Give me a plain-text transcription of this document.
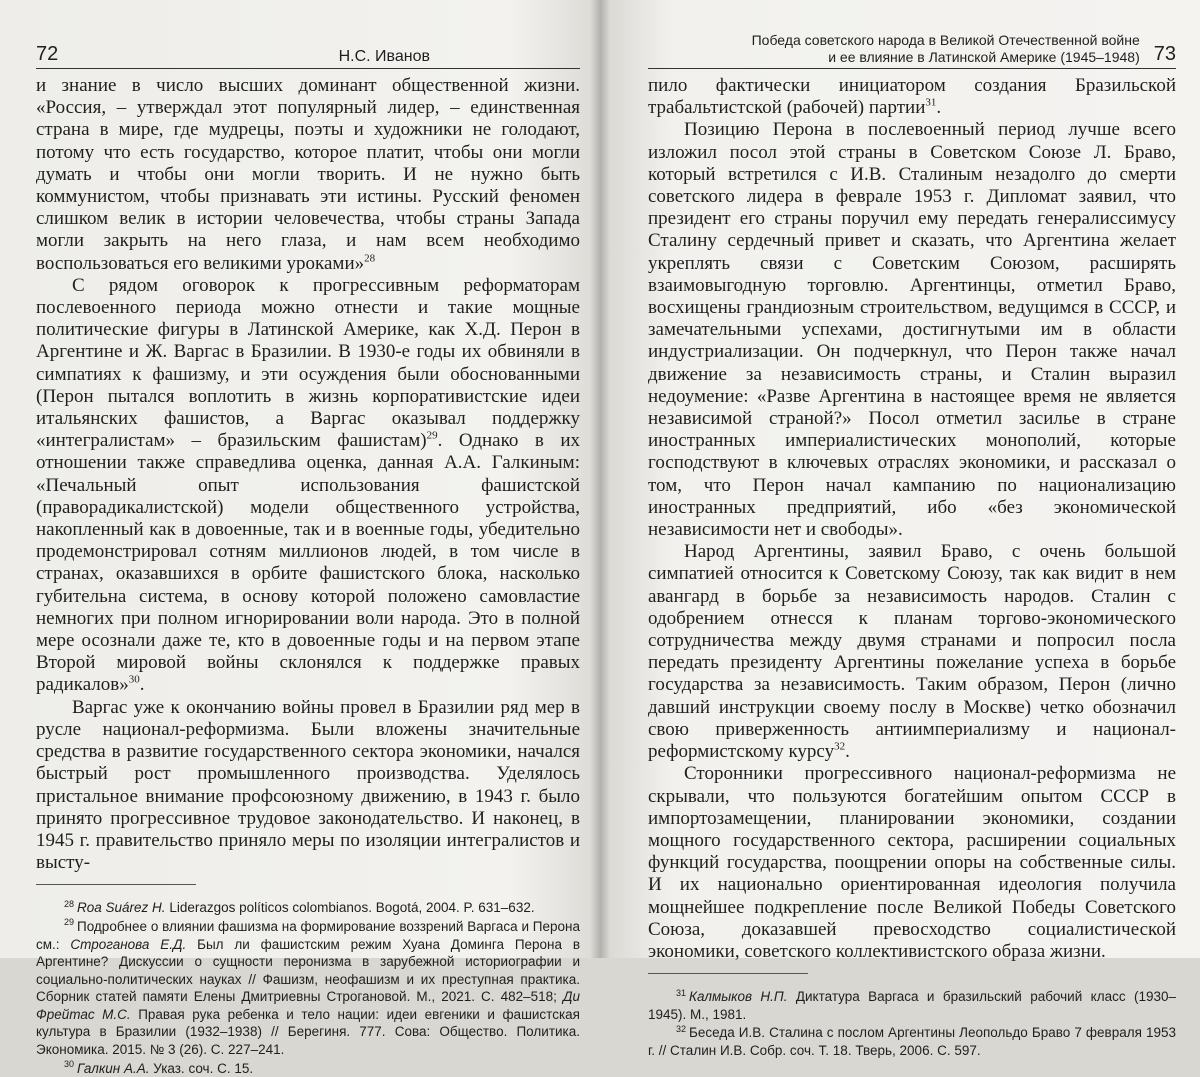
72	Н.С. Иванов

и знание в число высших доминант общественной жизни. «Россия, – утверждал этот популярный лидер, – единственная страна в мире, где мудрецы, поэты и художники не голодают, потому что есть государство, которое платит, чтобы они могли думать и чтобы они могли творить. И не нужно быть коммунистом, чтобы признавать эти истины. Русский феномен слишком велик в истории человечества, чтобы страны Запада могли закрыть на него глаза, и нам всем необходимо воспользоваться его великими уроками»$^{28}$

С рядом оговорок к прогрессивным реформаторам послевоенного периода можно отнести и такие мощные политические фигуры в Латинской Америке, как Х.Д. Перон в Аргентине и Ж. Варгас в Бразилии. В 1930-е годы их обвиняли в симпатиях к фашизму, и эти осуждения были обоснованными (Перон пытался воплотить в жизнь корпоративистские идеи итальянских фашистов, а Варгас оказывал поддержку «интегралистам» – бразильским фашистам)$^{29}$. Однако в их отношении также справедлива оценка, данная А.А. Галкиным: «Печальный опыт использования фашистской (праворадикалистской) модели общественного устройства, накопленный как в довоенные, так и в военные годы, убедительно продемонстрировал сотням миллионов людей, в том числе в странах, оказавшихся в орбите фашистского блока, насколько губительна система, в основу которой положено самовластие немногих при полном игнорировании воли народа. Это в полной мере осознали даже те, кто в довоенные годы и на первом этапе Второй мировой войны склонялся к поддержке правых радикалов»$^{30}$.

Варгас уже к окончанию войны провел в Бразилии ряд мер в русле национал-реформизма. Были вложены значительные средства в развитие государственного сектора экономики, начался быстрый рост промышленного производства. Уделялось пристальное внимание профсоюзному движению, в 1943 г. было принято прогрессивное трудовое законодательство. И наконец, в 1945 г. правительство приняло меры по изоляции интегралистов и высту-

$^{28}$ Roa Suárez H. Liderazgos políticos colombianos. Bogotá, 2004. P. 631–632.

$^{29}$ Подробнее о влиянии фашизма на формирование воззрений Варгаса и Перона см.: Строганова Е.Д. Был ли фашистским режим Хуана Доминга Перона в Аргентине? Дискуссии о сущности перонизма в зарубежной историографии и социально-политических науках // Фашизм, неофашизм и их преступная практика. Сборник статей памяти Елены Дмитриевны Строгановой. М., 2021. С. 482–518; Ди Фрейтас М.С. Правая рука ребенка и тело нации: идеи евгеники и фашистская культура в Бразилии (1932–1938) // Берегиня. 777. Сова: Общество. Политика. Экономика. 2015. № 3 (26). С. 227–241.

$^{30}$ Галкин А.А. Указ. соч. С. 15.

Победа советского народа в Великой Отечественной войне
и ее влияние в Латинской Америке (1945–1948) 73

пило фактически инициатором создания Бразильской трабальтистской (рабочей) партии$^{31}$.

Позицию Перона в послевоенный период лучше всего изложил посол этой страны в Советском Союзе Л. Браво, который встретился с И.В. Сталиным незадолго до смерти советского лидера в феврале 1953 г. Дипломат заявил, что президент его страны поручил ему передать генералиссимусу Сталину сердечный привет и сказать, что Аргентина желает укреплять связи с Советским Союзом, расширять взаимовыгодную торговлю. Аргентинцы, отметил Браво, восхищены грандиозным строительством, ведущимся в СССР, и замечательными успехами, достигнутыми им в области индустриализации. Он подчеркнул, что Перон также начал движение за независимость страны, и Сталин выразил недоумение: «Разве Аргентина в настоящее время не является независимой страной?» Посол отметил засилье в стране иностранных империалистических монополий, которые господствуют в ключевых отраслях экономики, и рассказал о том, что Перон начал кампанию по национализацию иностранных предприятий, ибо «без экономической независимости нет и свободы».

Народ Аргентины, заявил Браво, с очень большой симпатией относится к Советскому Союзу, так как видит в нем авангард в борьбе за независимость народов. Сталин с одобрением отнесся к планам торгово-экономического сотрудничества между двумя странами и попросил посла передать президенту Аргентины пожелание успеха в борьбе государства за независимость. Таким образом, Перон (лично давший инструкции своему послу в Москве) четко обозначил свою приверженность антиимпериализму и национал-реформистскому курсу$^{32}$.

Сторонники прогрессивного национал-реформизма не скрывали, что пользуются богатейшим опытом СССР в импортозамещении, планировании экономики, создании мощного государственного сектора, расширении социальных функций государства, поощрении опоры на собственные силы. И их национально ориентированная идеология получила мощнейшее подкрепление после Великой Победы Советского Союза, доказавшей превосходство социалистической экономики, советского коллективистского образа жизни.

$^{31}$ Калмыков Н.П. Диктатура Варгаса и бразильский рабочий класс (1930–1945). М., 1981.

$^{32}$ Беседа И.В. Сталина с послом Аргентины Леопольдо Браво 7 февраля 1953 г. // Сталин И.В. Собр. соч. Т. 18. Тверь, 2006. С. 597.
